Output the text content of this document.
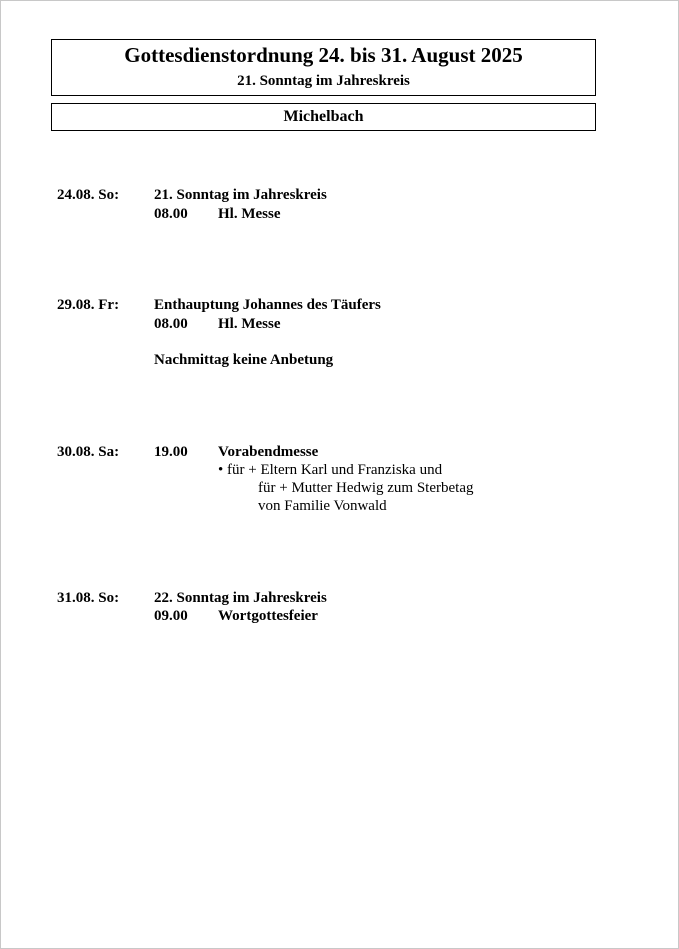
Gottesdienstordnung 24. bis 31. August 2025
21. Sonntag im Jahreskreis
Michelbach
24.08. So: 21. Sonntag im Jahreskreis
08.00 Hl. Messe
29.08. Fr: Enthauptung Johannes des Täufers
08.00 Hl. Messe
Nachmittag keine Anbetung
30.08. Sa: 19.00 Vorabendmesse
• für + Eltern Karl und Franziska und
für + Mutter Hedwig zum Sterbetag
von Familie Vonwald
31.08. So: 22. Sonntag im Jahreskreis
09.00 Wortgottesfeier
